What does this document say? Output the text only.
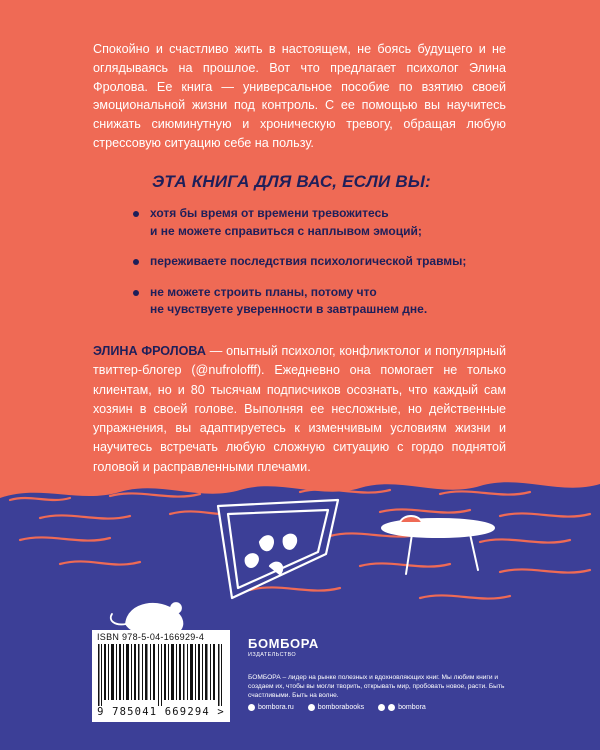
Спокойно и счастливо жить в настоящем, не боясь будущего и не оглядываясь на прошлое. Вот что предлагает психолог Элина Фролова. Ее книга — универсальное пособие по взятию своей эмоциональной жизни под контроль. С ее помощью вы научитесь снижать сиюминутную и хроническую тревогу, обращая любую стрессовую ситуацию себе на пользу.
ЭТА КНИГА ДЛЯ ВАС, ЕСЛИ ВЫ:
хотя бы время от времени тревожитесь
и не можете справиться с наплывом эмоций;
переживаете последствия психологической травмы;
не можете строить планы, потому что
не чувствуете уверенности в завтрашнем дне.
ЭЛИНА ФРОЛОВА — опытный психолог, конфликтолог и популярный твиттер-блогер (@nufrolofff). Ежедневно она помогает не только клиентам, но и 80 тысячам подписчиков осознать, что каждый сам хозяин в своей голове. Выполняя ее несложные, но действенные упражнения, вы адаптируетесь к изменчивым условиям жизни и научитесь встречать любую сложную ситуацию с гордо поднятой головой и расправленными плечами.
ISBN 978-5-04-166929-4
9 785041 669294 >
БОМБОРА
ИЗДАТЕЛЬСТВО
БОМБОРА – лидер на рынке полезных и вдохновляющих книг. Мы любим книги и создаем их, чтобы вы могли творить, открывать мир, пробовать новое, расти. Быть счастливыми. Быть на волне.
bombora.ru	bomborabooks	bombora
